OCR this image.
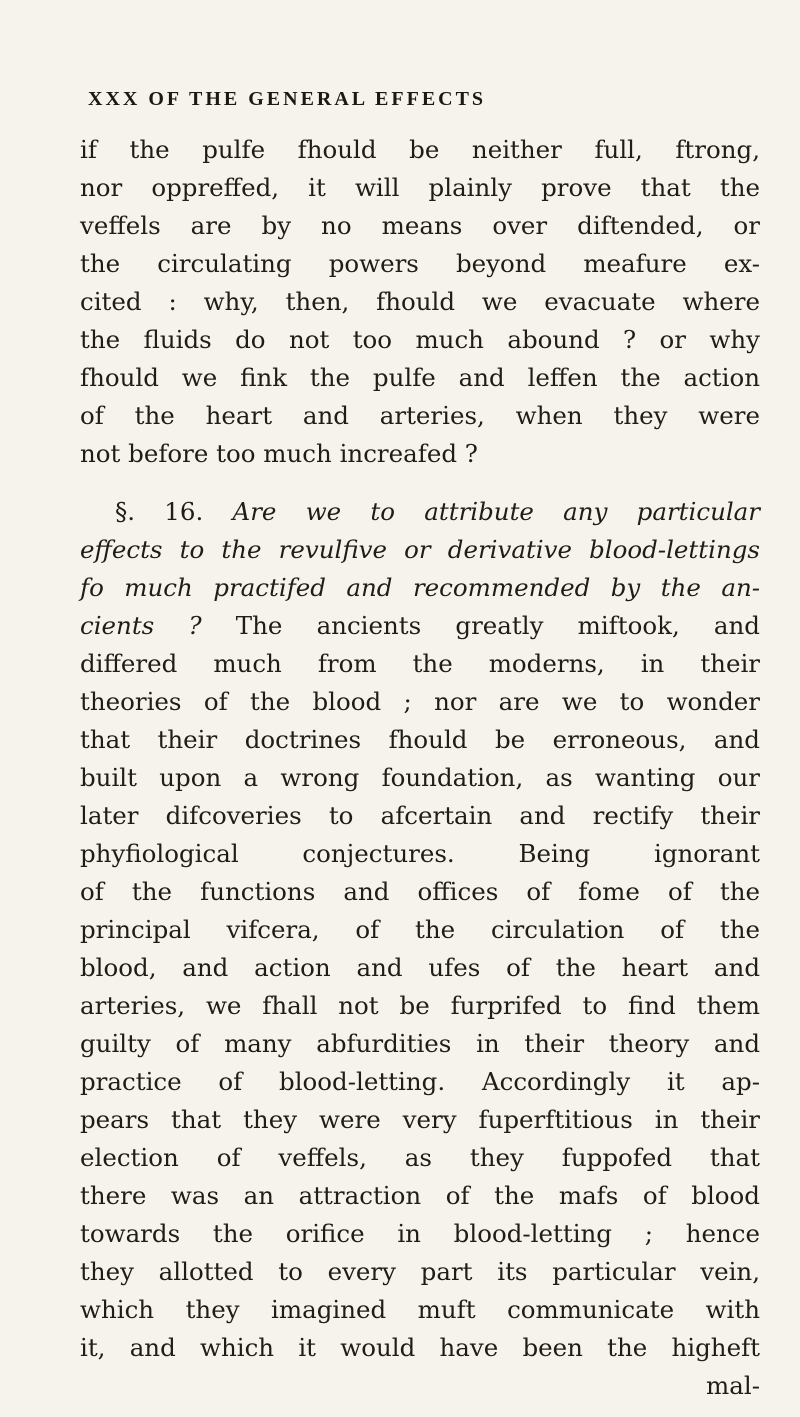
XXX OF THE GENERAL EFFECTS
if the pulfe fhould be neither full, ftrong,
nor oppreffed, it will plainly prove that the
veffels are by no means over diftended, or
the circulating powers beyond meafure ex-
cited : why, then, fhould we evacuate where
the fluids do not too much abound ? or why
fhould we fink the pulfe and leffen the action
of the heart and arteries, when they were
not before too much increafed ?
§. 16. Are we to attribute any particular
effects to the revulfive or derivative blood-lettings
fo much practifed and recommended by the an-
cients ? The ancients greatly miftook, and
differed much from the moderns, in their
theories of the blood ; nor are we to wonder
that their doctrines fhould be erroneous, and
built upon a wrong foundation, as wanting our
later difcoveries to afcertain and rectify their
phyfiological conjectures. Being ignorant
of the functions and offices of fome of the
principal vifcera, of the circulation of the
blood, and action and ufes of the heart and
arteries, we fhall not be furprifed to find them
guilty of many abfurdities in their theory and
practice of blood-letting. Accordingly it ap-
pears that they were very fuperftitious in their
election of veffels, as they fuppofed that
there was an attraction of the mafs of blood
towards the orifice in blood-letting ; hence
they allotted to every part its particular vein,
which they imagined muft communicate with
it, and which it would have been the higheft
mal-
